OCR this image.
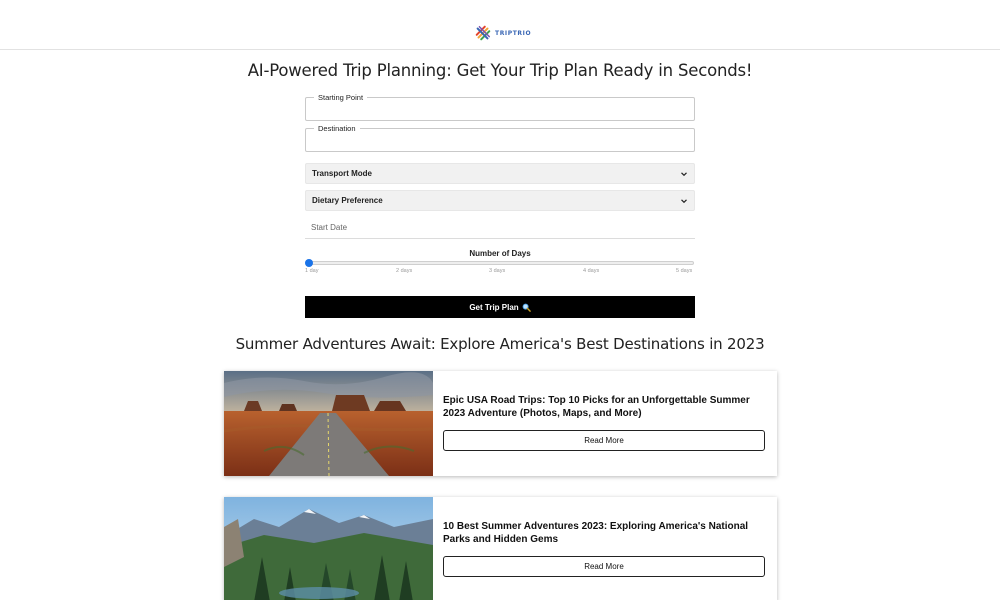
TRIPTRIO
AI-Powered Trip Planning: Get Your Trip Plan Ready in Seconds!
Starting Point
Destination
Transport Mode
Dietary Preference
Start Date
Number of Days
1 day	2 days	3 days	4 days	5 days
Get Trip Plan
Summer Adventures Await: Explore America's Best Destinations in 2023
Epic USA Road Trips: Top 10 Picks for an Unforgettable Summer 2023 Adventure (Photos, Maps, and More)
Read More
10 Best Summer Adventures 2023: Exploring America's National Parks and Hidden Gems
Read More
